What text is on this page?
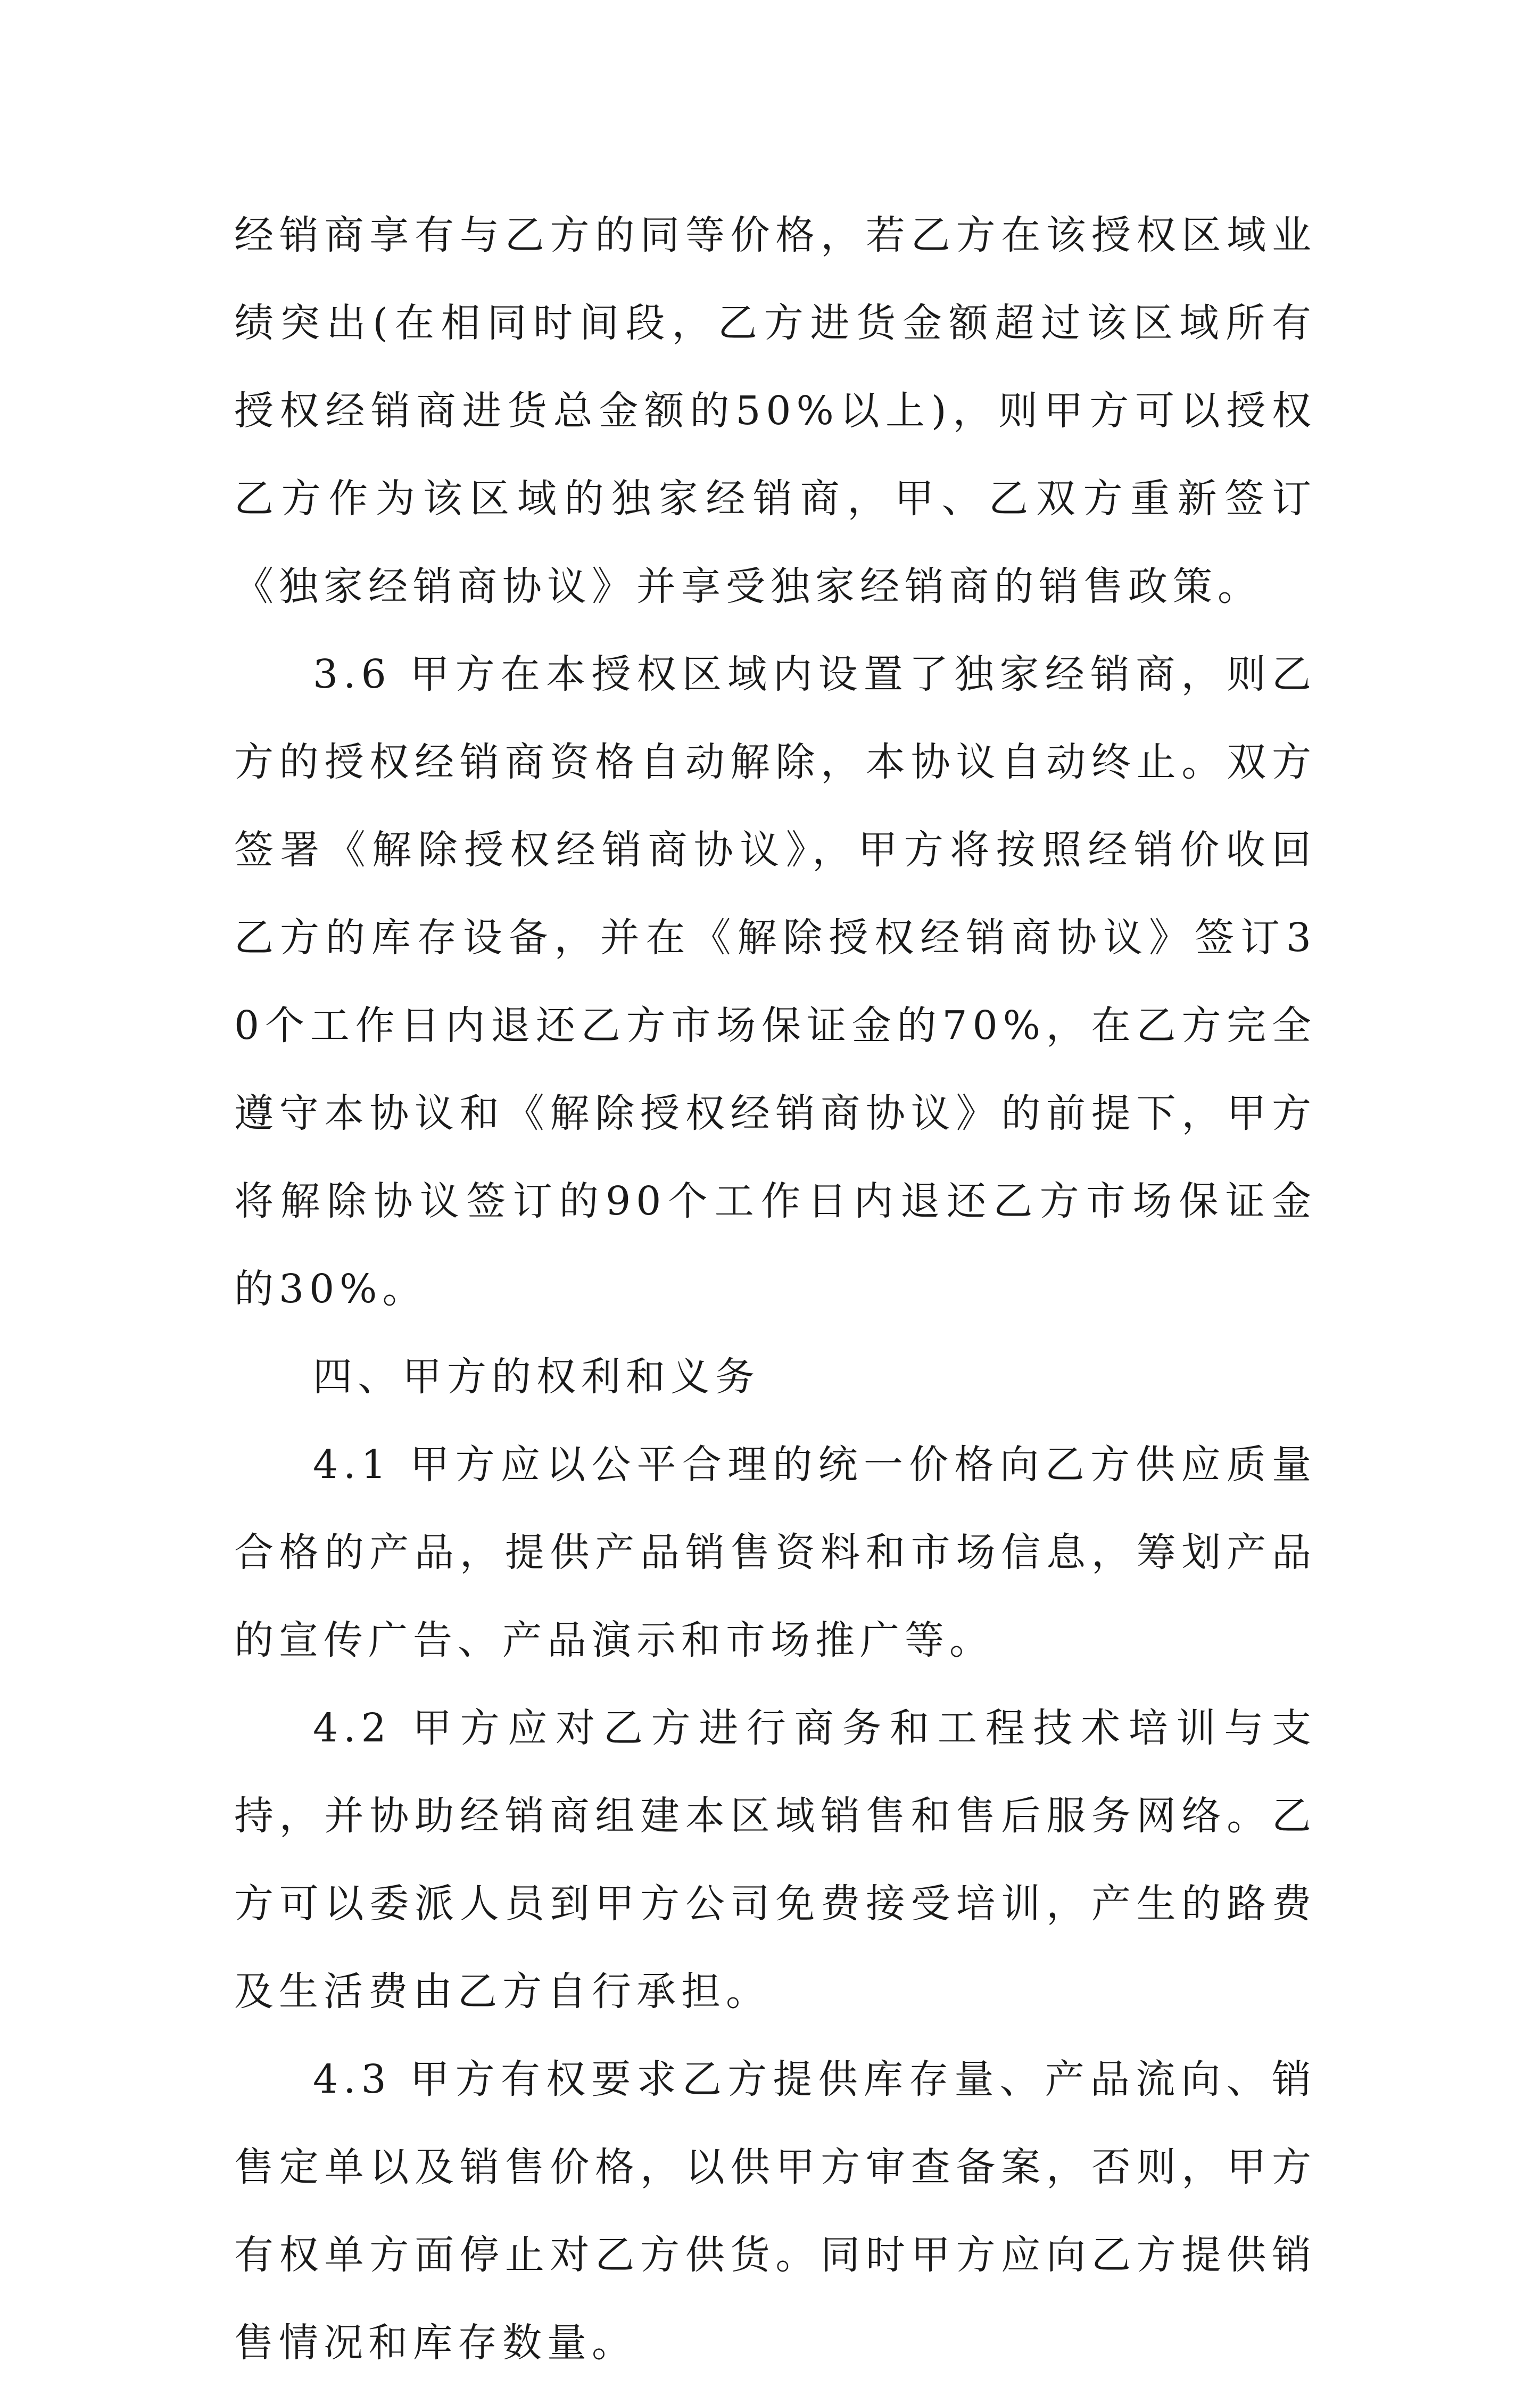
经销商享有与乙方的同等价格，若乙方在该授权区域业绩突出(在相同时间段，乙方进货金额超过该区域所有授权经销商进货总金额的50%以上)，则甲方可以授权乙方作为该区域的独家经销商，甲、乙双方重新签订《独家经销商协议》并享受独家经销商的销售政策。

3.6 甲方在本授权区域内设置了独家经销商，则乙方的授权经销商资格自动解除，本协议自动终止。双方签署《解除授权经销商协议》，甲方将按照经销价收回乙方的库存设备，并在《解除授权经销商协议》签订30个工作日内退还乙方市场保证金的70%，在乙方完全遵守本协议和《解除授权经销商协议》的前提下，甲方将解除协议签订的90个工作日内退还乙方市场保证金的30%。

四、甲方的权利和义务

4.1 甲方应以公平合理的统一价格向乙方供应质量合格的产品，提供产品销售资料和市场信息，筹划产品的宣传广告、产品演示和市场推广等。

4.2 甲方应对乙方进行商务和工程技术培训与支持，并协助经销商组建本区域销售和售后服务网络。乙方可以委派人员到甲方公司免费接受培训，产生的路费及生活费由乙方自行承担。

4.3 甲方有权要求乙方提供库存量、产品流向、销售定单以及销售价格，以供甲方审查备案，否则，甲方有权单方面停止对乙方供货。同时甲方应向乙方提供销售情况和库存数量。
